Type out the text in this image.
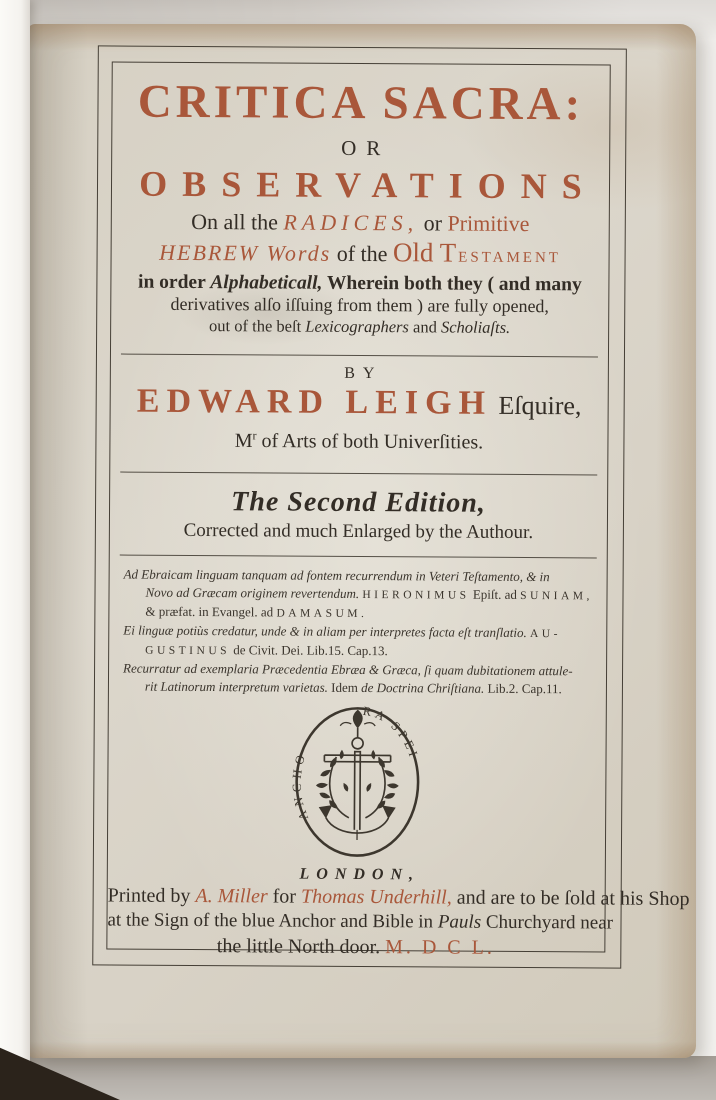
CRITICA SACRA:
OR
OBSERVATIONS
On all the RADICES, or Primitive
HEBREW Words of the Old T ESTAMENT
in order Alphabeticall, Wherein both they ( and many
derivatives alſo iſſuing from them ) are fully opened,
out of the beſt Lexicographers and Scholiaſts.
BY
EDWARD LEIGH Eſquire,
$M^r$ of Arts of both Univerſities.
The Second Edition,
Corrected and much Enlarged by the Authour.
Ad Ebraicam linguam tanquam ad fontem recurrendum in Veteri Teſtamento, & in
Novo ad Græcam originem revertendum. HIERONIMUS Epiſt. ad SUNIAM,
& præfat. in Evangel. ad DAMASUM.
Ei linguæ potiùs credatur, unde & in aliam per interpretes facta eſt tranſlatio. AU-
GUSTINUS de Civit. Dei. Lib.15. Cap.13.
Recurratur ad exemplaria Præcedentia Ebræa & Græca, ſi quam dubitationem attule-
rit Latinorum interpretum varietas. Idem de Doctrina Chriſtiana. Lib.2. Cap.11.
ANCHO
RA SPEI
LONDON,
Printed by A. Miller for Thomas Underhill, and are to be ſold at his Shop
at the Sign of the blue Anchor and Bible in Pauls Churchyard near
the little North door. M. D C L.
